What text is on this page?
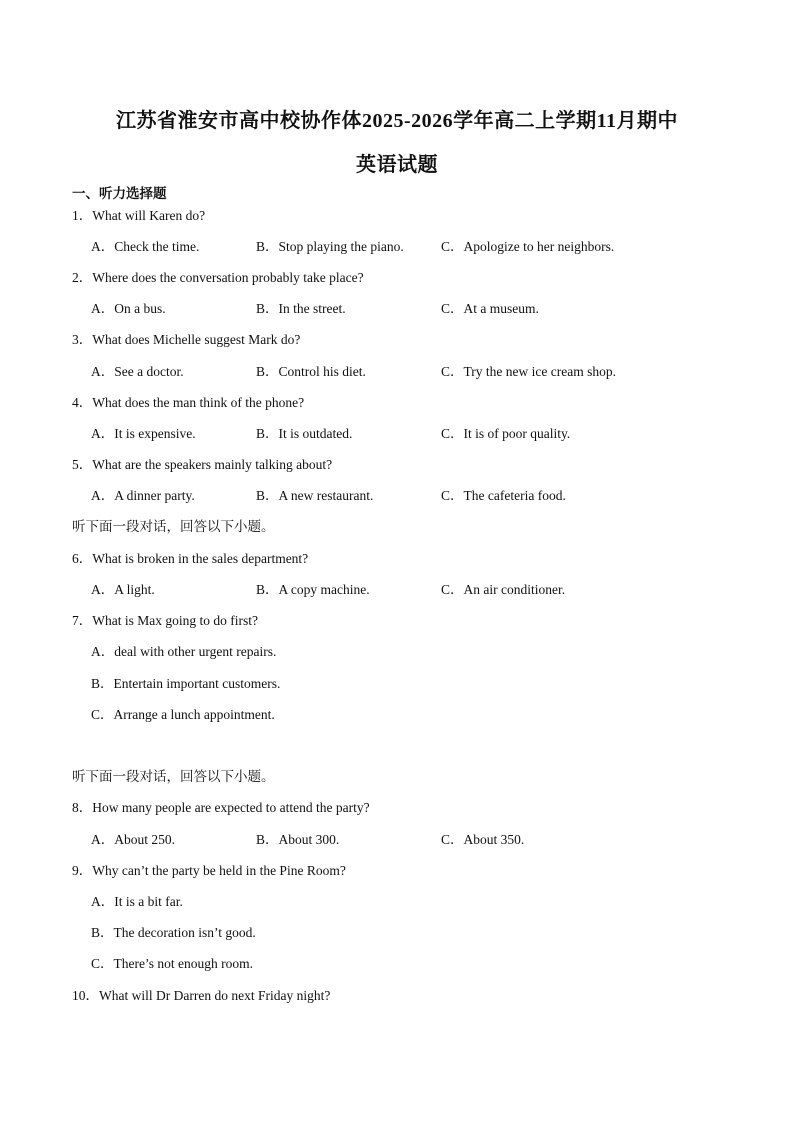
江苏省淮安市高中校协作体2025-2026学年高二上学期11月期中
英语试题
一、听力选择题
1．What will Karen do?
A．Check the time.	B．Stop playing the piano.	C．Apologize to her neighbors.
2．Where does the conversation probably take place?
A．On a bus.	B．In the street.	C．At a museum.
3．What does Michelle suggest Mark do?
A．See a doctor.	B．Control his diet.	C．Try the new ice cream shop.
4．What does the man think of the phone?
A．It is expensive.	B．It is outdated.	C．It is of poor quality.
5．What are the speakers mainly talking about?
A．A dinner party.	B．A new restaurant.	C．The cafeteria food.
听下面一段对话，回答以下小题。
6．What is broken in the sales department?
A．A light.	B．A copy machine.	C．An air conditioner.
7．What is Max going to do first?
A．deal with other urgent repairs.
B．Entertain important customers.
C．Arrange a lunch appointment.
听下面一段对话，回答以下小题。
8．How many people are expected to attend the party?
A．About 250.	B．About 300.	C．About 350.
9．Why can’t the party be held in the Pine Room?
A．It is a bit far.
B．The decoration isn’t good.
C．There’s not enough room.
10．What will Dr Darren do next Friday night?
